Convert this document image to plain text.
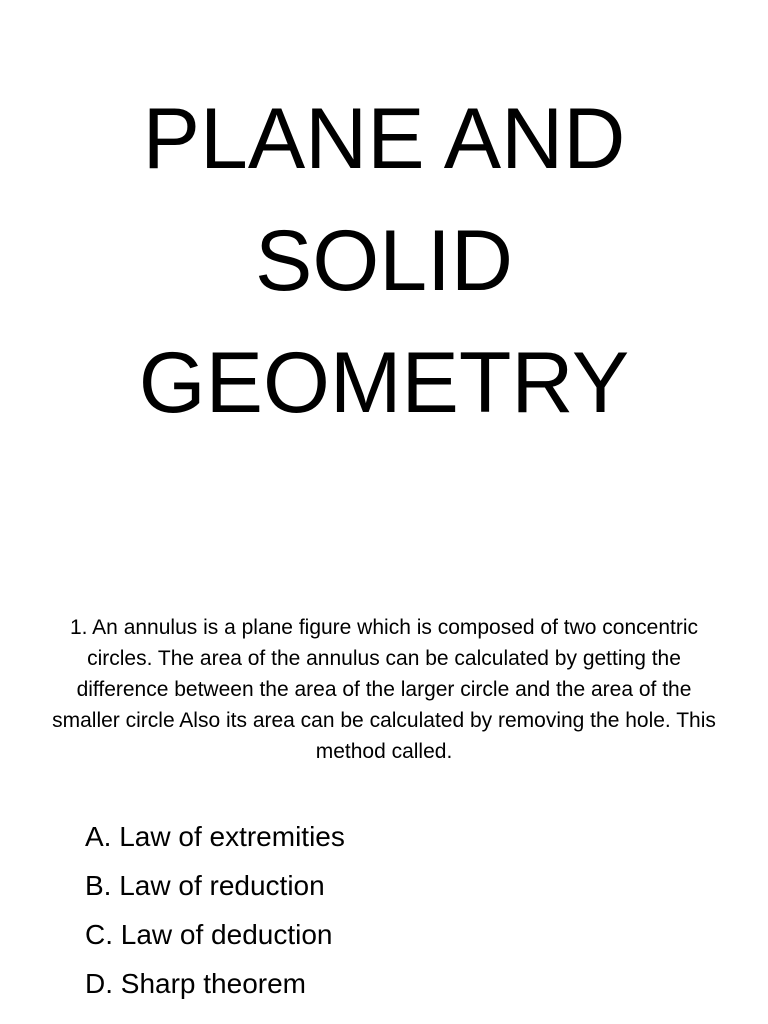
PLANE AND
SOLID
GEOMETRY

1. An annulus is a plane figure which is composed of two concentric circles. The area of the annulus can be calculated by getting the difference between the area of the larger circle and the area of the smaller circle Also its area can be calculated by removing the hole. This method called.

A. Law of extremities
B. Law of reduction
C. Law of deduction
D. Sharp theorem
